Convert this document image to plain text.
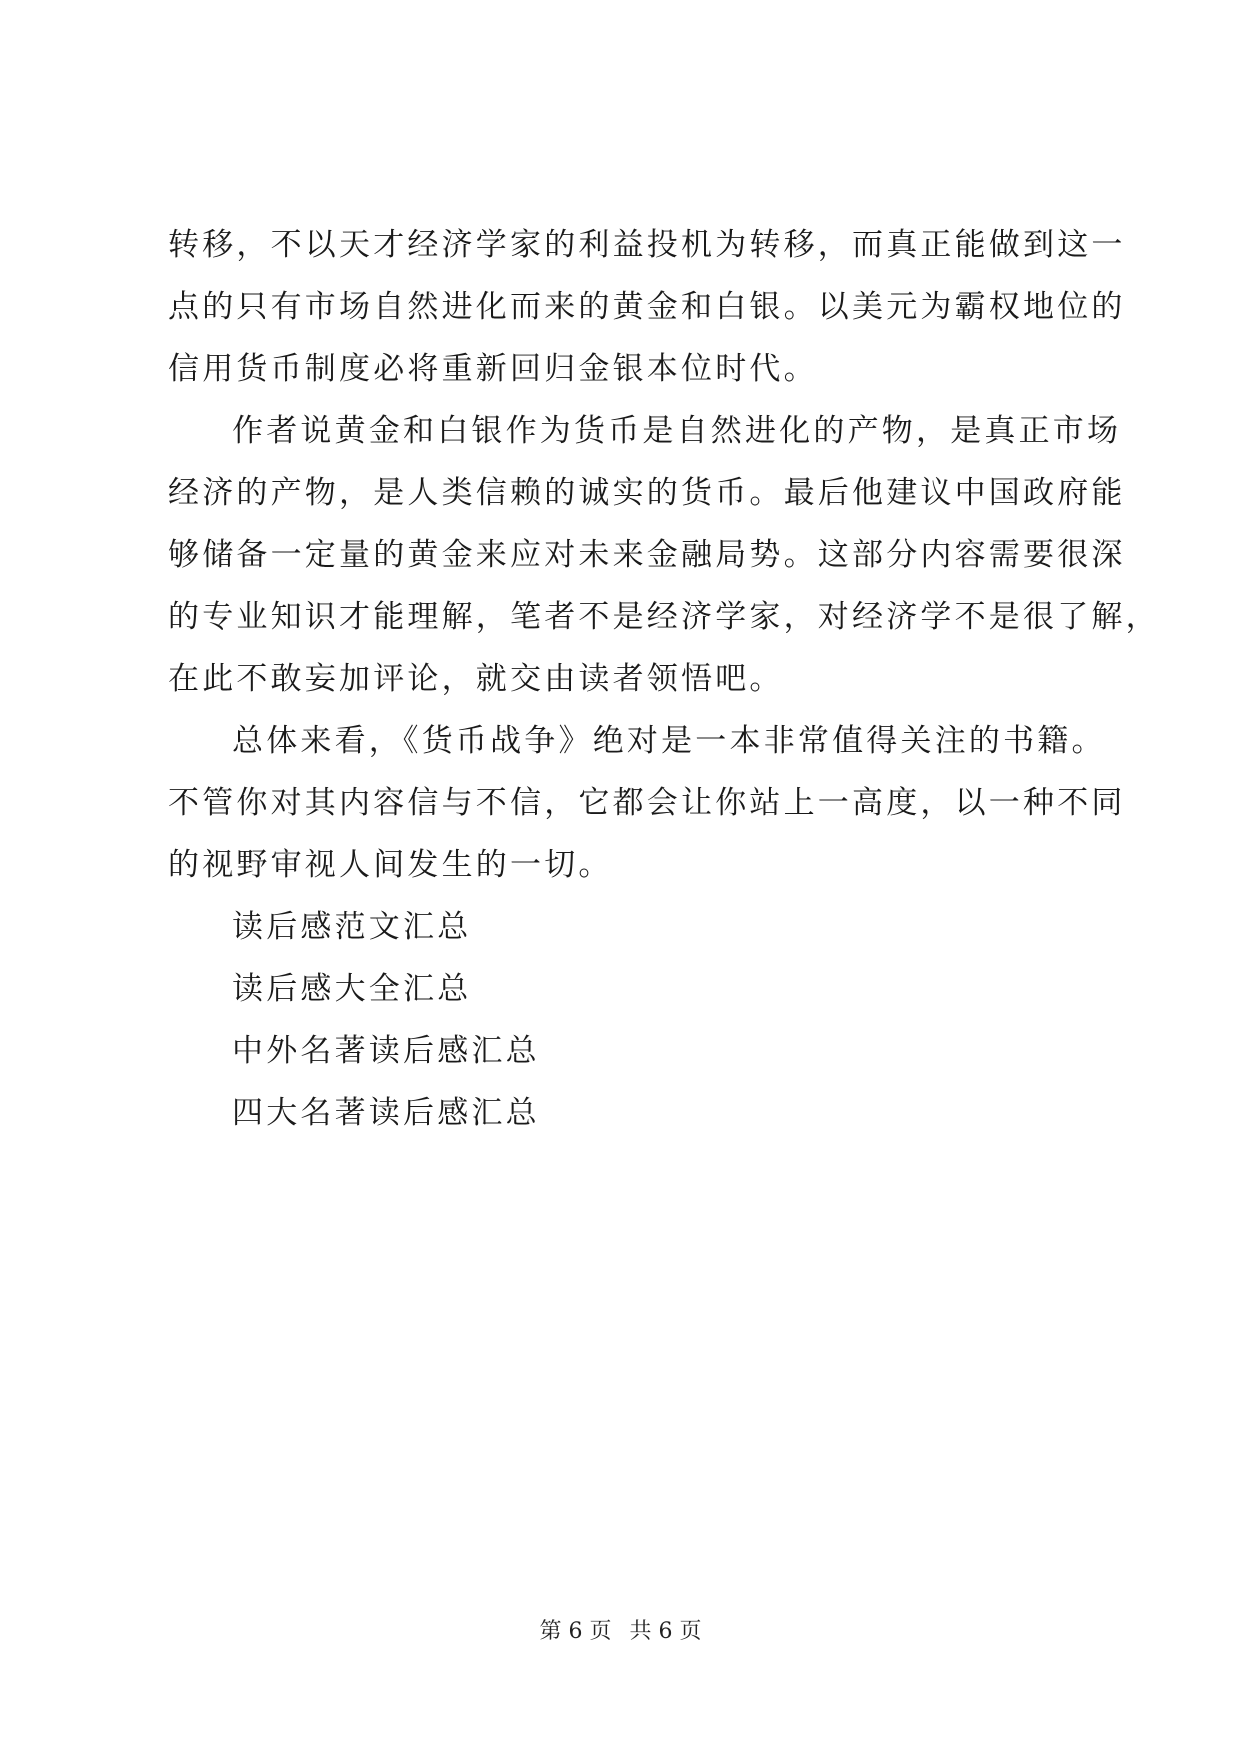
转移，不以天才经济学家的利益投机为转移，而真正能做到这一
点的只有市场自然进化而来的黄金和白银。以美元为霸权地位的
信用货币制度必将重新回归金银本位时代。
作者说黄金和白银作为货币是自然进化的产物，是真正市场
经济的产物，是人类信赖的诚实的货币。最后他建议中国政府能
够储备一定量的黄金来应对未来金融局势。这部分内容需要很深
的专业知识才能理解，笔者不是经济学家，对经济学不是很了解，
在此不敢妄加评论，就交由读者领悟吧。
总体来看，《货币战争》绝对是一本非常值得关注的书籍。
不管你对其内容信与不信，它都会让你站上一高度，以一种不同
的视野审视人间发生的一切。
读后感范文汇总
读后感大全汇总
中外名著读后感汇总
四大名著读后感汇总
第 6 页 共 6 页
